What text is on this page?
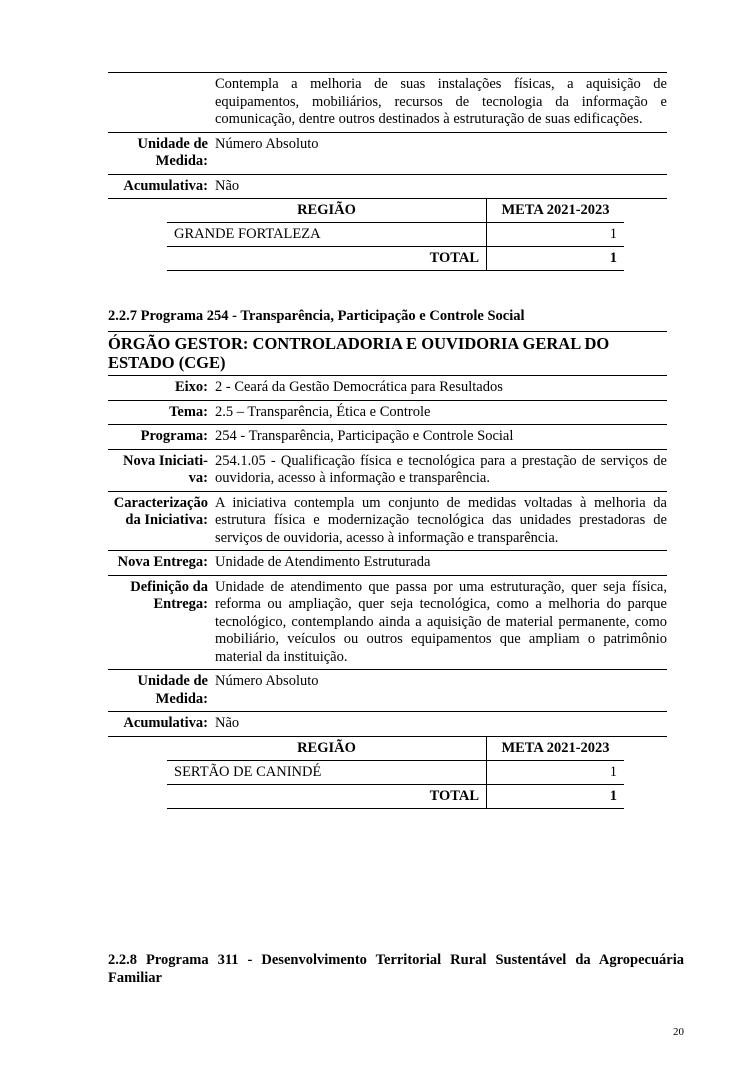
Contempla a melhoria de suas instalações físicas, a aquisição de equipamentos, mobiliários, recursos de tecnologia da informação e comunicação, dentre outros destinados à estruturação de suas edificações.
Unidade de
Medida:
Número Absoluto
Acumulativa: Não
REGIÃO	META 2021-2023
GRANDE FORTALEZA	1
TOTAL	1
2.2.7 Programa 254 - Transparência, Participação e Controle Social
ÓRGÃO GESTOR: CONTROLADORIA E OUVIDORIA GERAL DO ESTADO (CGE)
Eixo: 2 - Ceará da Gestão Democrática para Resultados
Tema: 2.5 – Transparência, Ética e Controle
Programa: 254 - Transparência, Participação e Controle Social
Nova Iniciati-
va:
254.1.05 - Qualificação física e tecnológica para a prestação de serviços de ouvidoria, acesso à informação e transparência.
Caracterização
da Iniciativa:
A iniciativa contempla um conjunto de medidas voltadas à melhoria da estrutura física e modernização tecnológica das unidades prestadoras de serviços de ouvidoria, acesso à informação e transparência.
Nova Entrega: Unidade de Atendimento Estruturada
Definição da
Entrega:
Unidade de atendimento que passa por uma estruturação, quer seja física, reforma ou ampliação, quer seja tecnológica, como a melhoria do parque tecnológico, contemplando ainda a aquisição de material permanente, como mobiliário, veículos ou outros equipamentos que ampliam o patrimônio material da instituição.
Unidade de
Medida:
Número Absoluto
Acumulativa: Não
REGIÃO	META 2021-2023
SERTÃO DE CANINDÉ	1
TOTAL	1
2.2.8 Programa 311 - Desenvolvimento Territorial Rural Sustentável da Agropecuária Familiar
20
